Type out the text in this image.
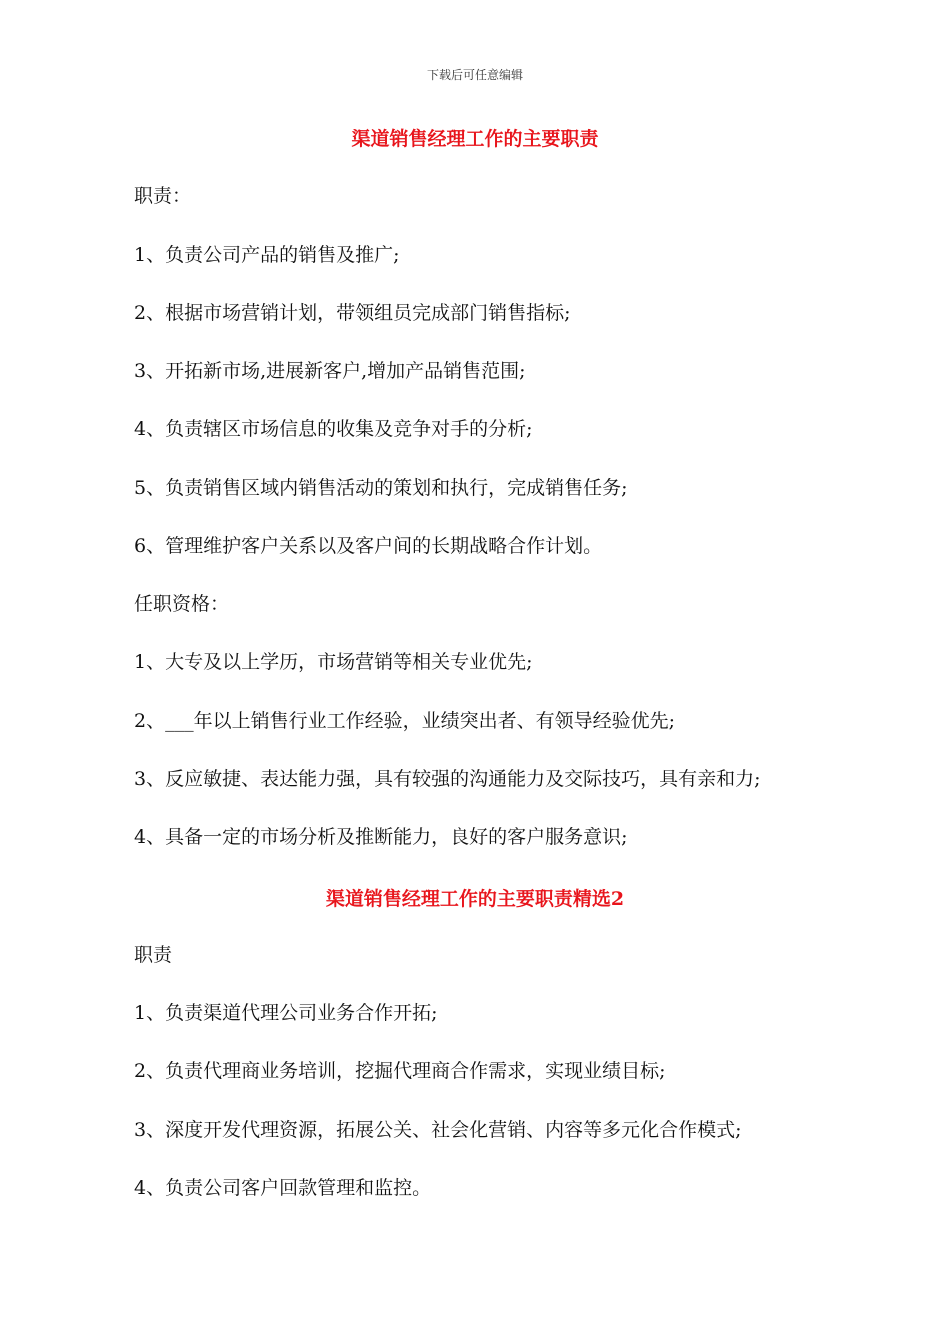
下载后可任意编辑
渠道销售经理工作的主要职责
职责：
1、负责公司产品的销售及推广;
2、根据市场营销计划，带领组员完成部门销售指标;
3、开拓新市场,进展新客户,增加产品销售范围;
4、负责辖区市场信息的收集及竞争对手的分析;
5、负责销售区域内销售活动的策划和执行，完成销售任务;
6、管理维护客户关系以及客户间的长期战略合作计划。
任职资格：
1、大专及以上学历，市场营销等相关专业优先;
2、___年以上销售行业工作经验，业绩突出者、有领导经验优先;
3、反应敏捷、表达能力强，具有较强的沟通能力及交际技巧，具有亲和力;
4、具备一定的市场分析及推断能力，良好的客户服务意识;
渠道销售经理工作的主要职责精选2
职责
1、负责渠道代理公司业务合作开拓;
2、负责代理商业务培训，挖掘代理商合作需求，实现业绩目标;
3、深度开发代理资源，拓展公关、社会化营销、内容等多元化合作模式;
4、负责公司客户回款管理和监控。
